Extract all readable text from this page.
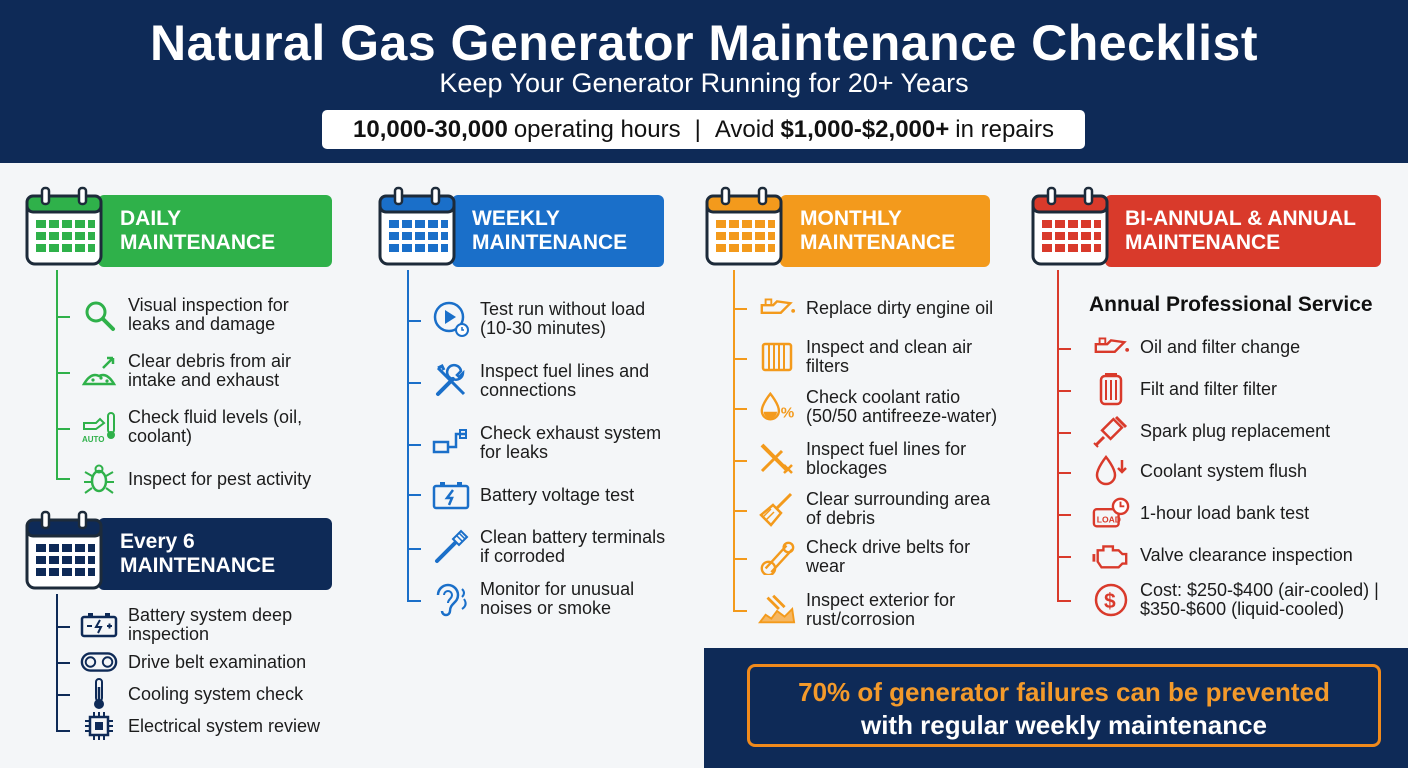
Natural Gas Generator Maintenance Checklist
Keep Your Generator Running for 20+ Years
10,000-30,000 operating hours | Avoid $1,000-$2,000+ in repairs
DAILY
MAINTENANCE
Visual inspection for
leaks and damage
Clear debris from air
intake and exhaust
AUTO
Check fluid levels (oil,
coolant)
Inspect for pest activity
Every 6
MAINTENANCE
Battery system deep
inspection
Drive belt examination
Cooling system check
Electrical system review
WEEKLY
MAINTENANCE
Test run without load
(10-30 minutes)
Inspect fuel lines and
connections
Check exhaust system
for leaks
Battery voltage test
Clean battery terminals
if corroded
Monitor for unusual
noises or smoke
MONTHLY
MAINTENANCE
Replace dirty engine oil
Inspect and clean air
filters
%
Check coolant ratio
(50/50 antifreeze-water)
Inspect fuel lines for
blockages
Clear surrounding area
of debris
Check drive belts for
wear
Inspect exterior for
rust/corrosion
BI-ANNUAL & ANNUAL
MAINTENANCE
Annual Professional Service
Oil and filter change
Filt and filter filter
Spark plug replacement
Coolant system flush
LOAD 1-hour load bank test
Valve clearance inspection
$ Cost: $250-$400 (air-cooled) |
$350-$600 (liquid-cooled)
70% of generator failures can be prevented
with regular weekly maintenance
